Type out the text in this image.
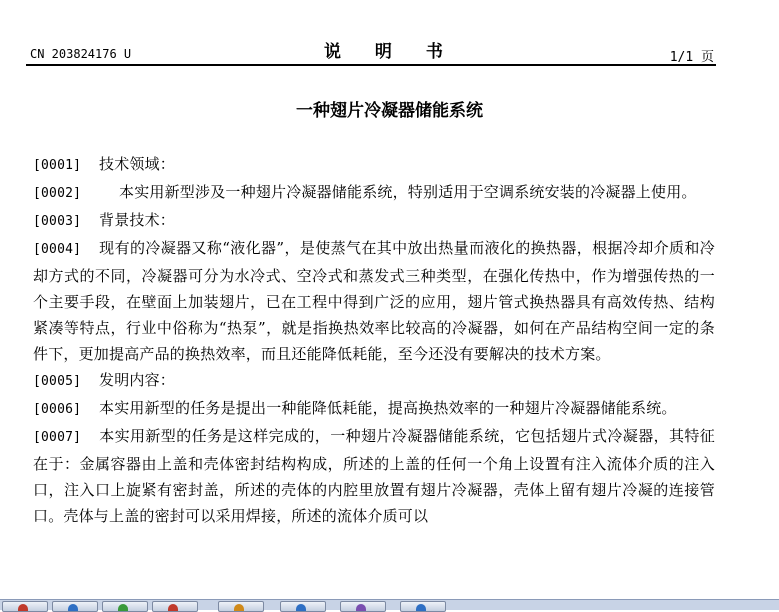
CN 203824176 U	说 明 书	1/1 页
一种翅片冷凝器储能系统

[0001] 技术领域：

[0002]	本实用新型涉及一种翅片冷凝器储能系统，特别适用于空调系统安装的冷凝器上使用。

[0003] 背景技术：

[0004] 现有的冷凝器又称“液化器”，是使蒸气在其中放出热量而液化的换热器，根据冷却介质和冷却方式的不同，冷凝器可分为水冷式、空冷式和蒸发式三种类型，在强化传热中，作为增强传热的一个主要手段，在壁面上加装翅片，已在工程中得到广泛的应用，翅片管式换热器具有高效传热、结构紧凑等特点，行业中俗称为“热泵”，就是指换热效率比较高的冷凝器，如何在产品结构空间一定的条件下，更加提高产品的换热效率，而且还能降低耗能，至今还没有要解决的技术方案。

[0005] 发明内容：

[0006] 本实用新型的任务是提出一种能降低耗能，提高换热效率的一种翅片冷凝器储能系统。

[0007] 本实用新型的任务是这样完成的，一种翅片冷凝器储能系统，它包括翅片式冷凝器，其特征在于：金属容器由上盖和壳体密封结构构成，所述的上盖的任何一个角上设置有注入流体介质的注入口，注入口上旋紧有密封盖，所述的壳体的内腔里放置有翅片冷凝器，壳体上留有翅片冷凝的连接管口。壳体与上盖的密封可以采用焊接，所述的流体介质可以
